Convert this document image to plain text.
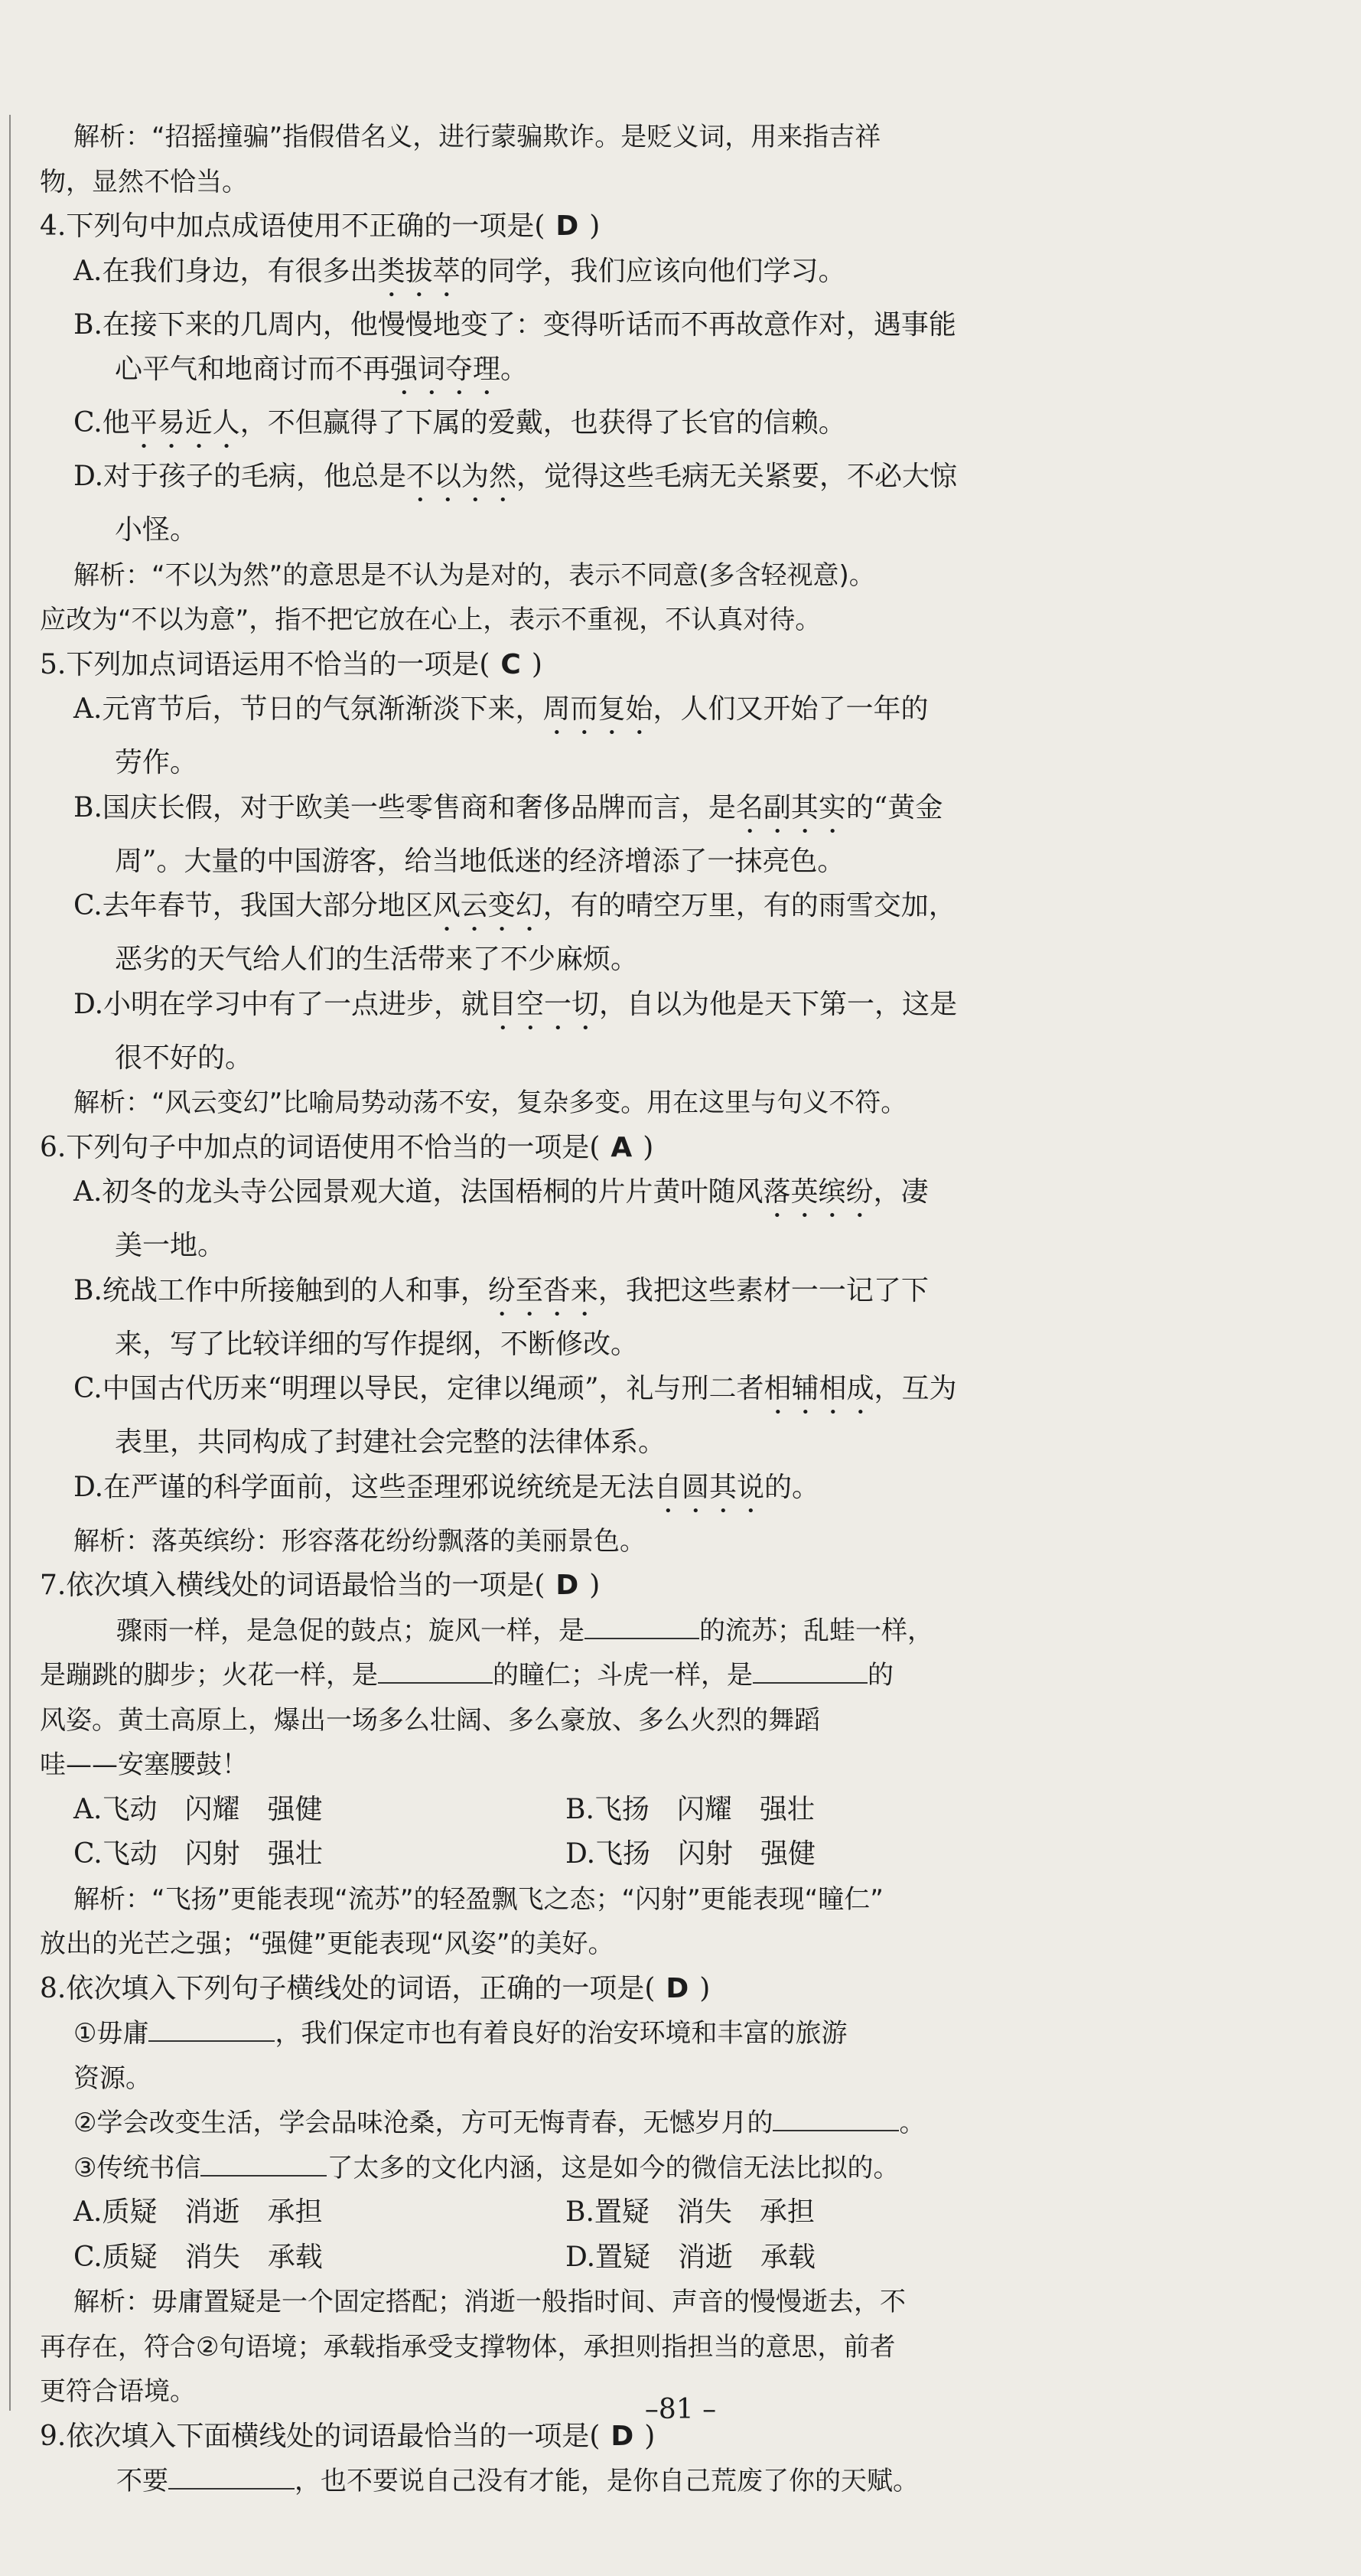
解析：“招摇撞骗”指假借名义，进行蒙骗欺诈。是贬义词，用来指吉祥

物，显然不恰当。

4.下列句中加点成语使用不正确的一项是( D )

A.在我们身边，有很多出类拔萃的同学，我们应该向他们学习。

B.在接下来的几周内，他慢慢地变了：变得听话而不再故意作对，遇事能

心平气和地商讨而不再强词夺理。

C.他平易近人，不但赢得了下属的爱戴，也获得了长官的信赖。

D.对于孩子的毛病，他总是不以为然，觉得这些毛病无关紧要，不必大惊

小怪。

解析：“不以为然”的意思是不认为是对的，表示不同意(多含轻视意)。

应改为“不以为意”，指不把它放在心上，表示不重视，不认真对待。

5.下列加点词语运用不恰当的一项是( C )

A.元宵节后，节日的气氛渐渐淡下来，周而复始，人们又开始了一年的

劳作。

B.国庆长假，对于欧美一些零售商和奢侈品牌而言，是名副其实的“黄金

周”。大量的中国游客，给当地低迷的经济增添了一抹亮色。

C.去年春节，我国大部分地区风云变幻，有的晴空万里，有的雨雪交加，

恶劣的天气给人们的生活带来了不少麻烦。

D.小明在学习中有了一点进步，就目空一切，自以为他是天下第一，这是

很不好的。

解析：“风云变幻”比喻局势动荡不安，复杂多变。用在这里与句义不符。

6.下列句子中加点的词语使用不恰当的一项是( A )

A.初冬的龙头寺公园景观大道，法国梧桐的片片黄叶随风落英缤纷，凄

美一地。

B.统战工作中所接触到的人和事，纷至沓来，我把这些素材一一记了下

来，写了比较详细的写作提纲，不断修改。

C.中国古代历来“明理以导民，定律以绳顽”，礼与刑二者相辅相成，互为

表里，共同构成了封建社会完整的法律体系。

D.在严谨的科学面前，这些歪理邪说统统是无法自圆其说的。

解析：落英缤纷：形容落花纷纷飘落的美丽景色。

7.依次填入横线处的词语最恰当的一项是( D )

骤雨一样，是急促的鼓点；旋风一样，是	的流苏；乱蛙一样，

是蹦跳的脚步；火花一样，是	的瞳仁；斗虎一样，是	的

风姿。黄土高原上，爆出一场多么壮阔、多么豪放、多么火烈的舞蹈

哇——安塞腰鼓！

A.飞动　闪耀　强健	B.飞扬　闪耀　强壮

C.飞动　闪射　强壮	D.飞扬　闪射　强健

解析：“飞扬”更能表现“流苏”的轻盈飘飞之态；“闪射”更能表现“瞳仁”

放出的光芒之强；“强健”更能表现“风姿”的美好。

8.依次填入下列句子横线处的词语，正确的一项是( D )

①毋庸	，我们保定市也有着良好的治安环境和丰富的旅游

资源。

②学会改变生活，学会品味沧桑，方可无悔青春，无憾岁月的	。

③传统书信	了太多的文化内涵，这是如今的微信无法比拟的。

A.质疑　消逝　承担	B.置疑　消失　承担

C.质疑　消失　承载	D.置疑　消逝　承载

解析：毋庸置疑是一个固定搭配；消逝一般指时间、声音的慢慢逝去，不

再存在，符合②句语境；承载指承受支撑物体，承担则指担当的意思，前者

更符合语境。

9.依次填入下面横线处的词语最恰当的一项是( D )

不要	，也不要说自己没有才能，是你自己荒废了你的天赋。

–81 –
